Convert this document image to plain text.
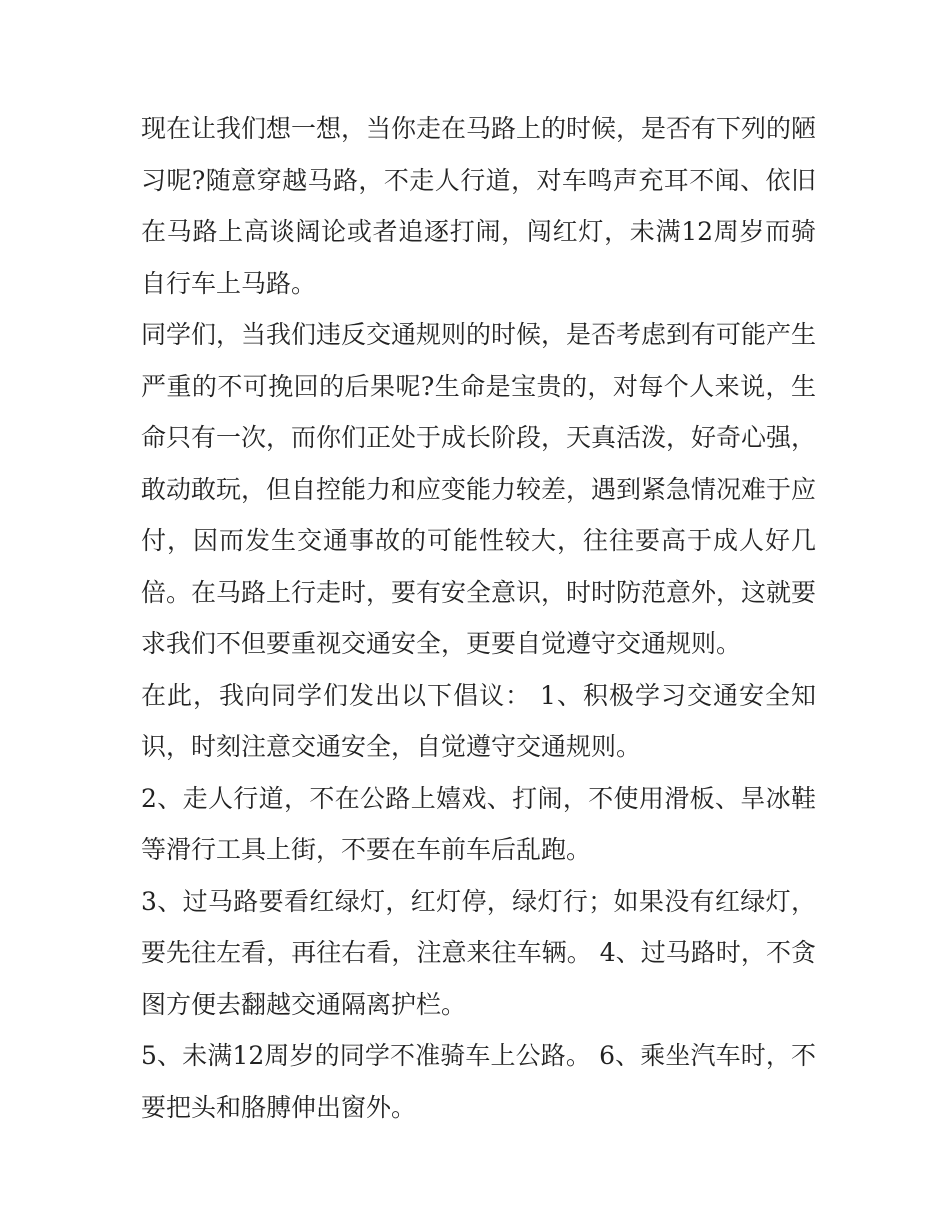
现在让我们想一想，当你走在马路上的时候，是否有下列的陋习呢?随意穿越马路，不走人行道，对车鸣声充耳不闻、依旧在马路上高谈阔论或者追逐打闹，闯红灯，未满12周岁而骑自行车上马路。

同学们，当我们违反交通规则的时候，是否考虑到有可能产生严重的不可挽回的后果呢?生命是宝贵的，对每个人来说，生命只有一次，而你们正处于成长阶段，天真活泼，好奇心强，敢动敢玩，但自控能力和应变能力较差，遇到紧急情况难于应付，因而发生交通事故的可能性较大，往往要高于成人好几倍。在马路上行走时，要有安全意识，时时防范意外，这就要求我们不但要重视交通安全，更要自觉遵守交通规则。

在此，我向同学们发出以下倡议： 1、积极学习交通安全知识，时刻注意交通安全，自觉遵守交通规则。

2、走人行道，不在公路上嬉戏、打闹，不使用滑板、旱冰鞋等滑行工具上街，不要在车前车后乱跑。

3、过马路要看红绿灯，红灯停，绿灯行；如果没有红绿灯，要先往左看，再往右看，注意来往车辆。 4、过马路时，不贪图方便去翻越交通隔离护栏。

5、未满12周岁的同学不准骑车上公路。 6、乘坐汽车时，不要把头和胳膊伸出窗外。
